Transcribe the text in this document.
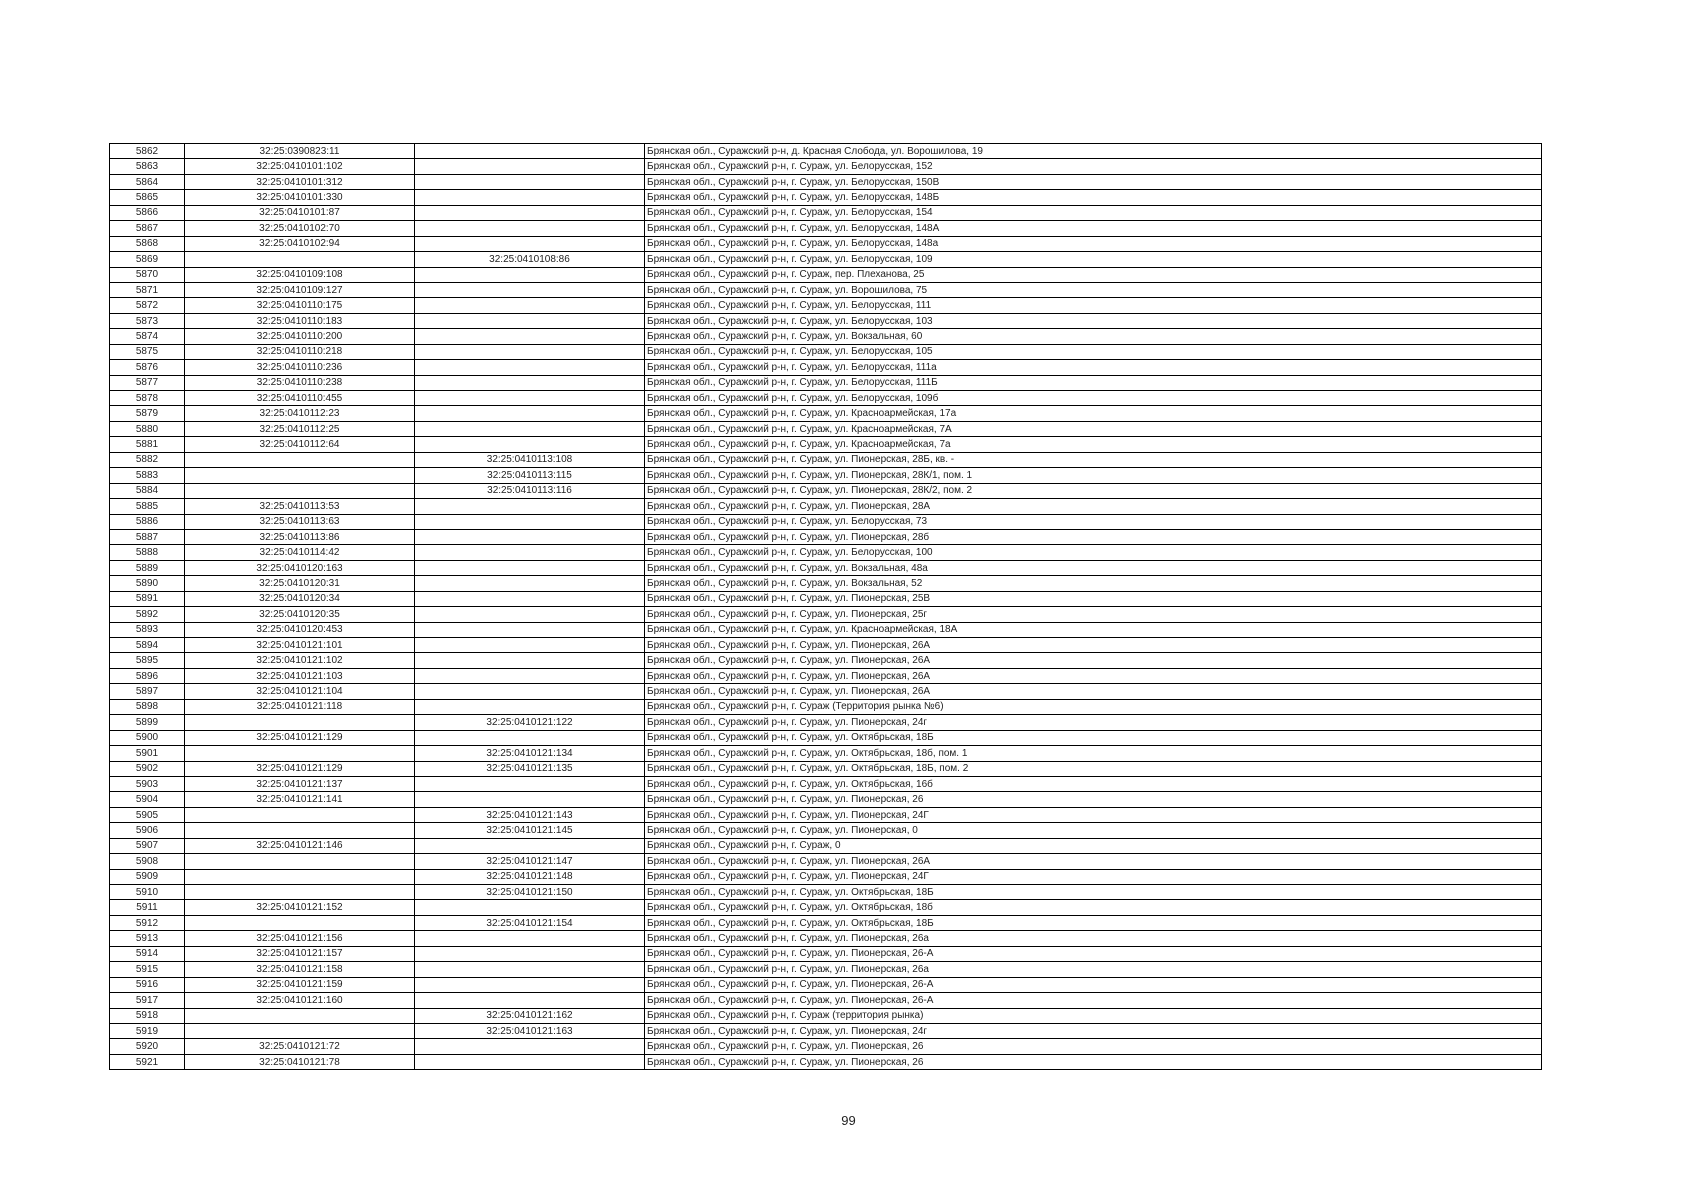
5862	32:25:0390823:11		Брянская обл., Суражский р-н, д. Красная Слобода, ул. Ворошилова, 19
5863	32:25:0410101:102		Брянская обл., Суражский р-н, г. Сураж, ул. Белорусская, 152
5864	32:25:0410101:312		Брянская обл., Суражский р-н, г. Сураж, ул. Белорусская, 150В
5865	32:25:0410101:330		Брянская обл., Суражский р-н, г. Сураж, ул. Белорусская, 148Б
5866	32:25:0410101:87		Брянская обл., Суражский р-н, г. Сураж, ул. Белорусская, 154
5867	32:25:0410102:70		Брянская обл., Суражский р-н, г. Сураж, ул. Белорусская, 148А
5868	32:25:0410102:94		Брянская обл., Суражский р-н, г. Сураж, ул. Белорусская, 148а
5869		32:25:0410108:86	Брянская обл., Суражский р-н, г. Сураж, ул. Белорусская, 109
5870	32:25:0410109:108		Брянская обл., Суражский р-н, г. Сураж, пер. Плеханова, 25
5871	32:25:0410109:127		Брянская обл., Суражский р-н, г. Сураж, ул. Ворошилова, 75
5872	32:25:0410110:175		Брянская обл., Суражский р-н, г. Сураж, ул. Белорусская, 111
5873	32:25:0410110:183		Брянская обл., Суражский р-н, г. Сураж, ул. Белорусская, 103
5874	32:25:0410110:200		Брянская обл., Суражский р-н, г. Сураж, ул. Вокзальная, 60
5875	32:25:0410110:218		Брянская обл., Суражский р-н, г. Сураж, ул. Белорусская, 105
5876	32:25:0410110:236		Брянская обл., Суражский р-н, г. Сураж, ул. Белорусская, 111а
5877	32:25:0410110:238		Брянская обл., Суражский р-н, г. Сураж, ул. Белорусская, 111Б
5878	32:25:0410110:455		Брянская обл., Суражский р-н, г. Сураж, ул. Белорусская, 109б
5879	32:25:0410112:23		Брянская обл., Суражский р-н, г. Сураж, ул. Красноармейская, 17а
5880	32:25:0410112:25		Брянская обл., Суражский р-н, г. Сураж, ул. Красноармейская, 7А
5881	32:25:0410112:64		Брянская обл., Суражский р-н, г. Сураж, ул. Красноармейская, 7а
5882		32:25:0410113:108	Брянская обл., Суражский р-н, г. Сураж, ул. Пионерская, 28Б, кв. -
5883		32:25:0410113:115	Брянская обл., Суражский р-н, г. Сураж, ул. Пионерская, 28К/1, пом. 1
5884		32:25:0410113:116	Брянская обл., Суражский р-н, г. Сураж, ул. Пионерская, 28К/2, пом. 2
5885	32:25:0410113:53		Брянская обл., Суражский р-н, г. Сураж, ул. Пионерская, 28А
5886	32:25:0410113:63		Брянская обл., Суражский р-н, г. Сураж, ул. Белорусская, 73
5887	32:25:0410113:86		Брянская обл., Суражский р-н, г. Сураж, ул. Пионерская, 28б
5888	32:25:0410114:42		Брянская обл., Суражский р-н, г. Сураж, ул. Белорусская, 100
5889	32:25:0410120:163		Брянская обл., Суражский р-н, г. Сураж, ул. Вокзальная, 48а
5890	32:25:0410120:31		Брянская обл., Суражский р-н, г. Сураж, ул. Вокзальная, 52
5891	32:25:0410120:34		Брянская обл., Суражский р-н, г. Сураж, ул. Пионерская, 25В
5892	32:25:0410120:35		Брянская обл., Суражский р-н, г. Сураж, ул. Пионерская, 25г
5893	32:25:0410120:453		Брянская обл., Суражский р-н, г. Сураж, ул. Красноармейская, 18А
5894	32:25:0410121:101		Брянская обл., Суражский р-н, г. Сураж, ул. Пионерская, 26А
5895	32:25:0410121:102		Брянская обл., Суражский р-н, г. Сураж, ул. Пионерская, 26А
5896	32:25:0410121:103		Брянская обл., Суражский р-н, г. Сураж, ул. Пионерская, 26А
5897	32:25:0410121:104		Брянская обл., Суражский р-н, г. Сураж, ул. Пионерская, 26А
5898	32:25:0410121:118		Брянская обл., Суражский р-н, г. Сураж (Территория рынка №6)
5899		32:25:0410121:122	Брянская обл., Суражский р-н, г. Сураж, ул. Пионерская, 24г
5900	32:25:0410121:129		Брянская обл., Суражский р-н, г. Сураж, ул. Октябрьская, 18Б
5901		32:25:0410121:134	Брянская обл., Суражский р-н, г. Сураж, ул. Октябрьская, 18б, пом. 1
5902	32:25:0410121:129	32:25:0410121:135	Брянская обл., Суражский р-н, г. Сураж, ул. Октябрьская, 18Б, пом. 2
5903	32:25:0410121:137		Брянская обл., Суражский р-н, г. Сураж, ул. Октябрьская, 16б
5904	32:25:0410121:141		Брянская обл., Суражский р-н, г. Сураж, ул. Пионерская, 26
5905		32:25:0410121:143	Брянская обл., Суражский р-н, г. Сураж, ул. Пионерская, 24Г
5906		32:25:0410121:145	Брянская обл., Суражский р-н, г. Сураж, ул. Пионерская, 0
5907	32:25:0410121:146		Брянская обл., Суражский р-н, г. Сураж, 0
5908		32:25:0410121:147	Брянская обл., Суражский р-н, г. Сураж, ул. Пионерская, 26А
5909		32:25:0410121:148	Брянская обл., Суражский р-н, г. Сураж, ул. Пионерская, 24Г
5910		32:25:0410121:150	Брянская обл., Суражский р-н, г. Сураж, ул. Октябрьская, 18Б
5911	32:25:0410121:152		Брянская обл., Суражский р-н, г. Сураж, ул. Октябрьская, 18б
5912		32:25:0410121:154	Брянская обл., Суражский р-н, г. Сураж, ул. Октябрьская, 18Б
5913	32:25:0410121:156		Брянская обл., Суражский р-н, г. Сураж, ул. Пионерская, 26а
5914	32:25:0410121:157		Брянская обл., Суражский р-н, г. Сураж, ул. Пионерская, 26-А
5915	32:25:0410121:158		Брянская обл., Суражский р-н, г. Сураж, ул. Пионерская, 26а
5916	32:25:0410121:159		Брянская обл., Суражский р-н, г. Сураж, ул. Пионерская, 26-А
5917	32:25:0410121:160		Брянская обл., Суражский р-н, г. Сураж, ул. Пионерская, 26-А
5918		32:25:0410121:162	Брянская обл., Суражский р-н, г. Сураж (территория рынка)
5919		32:25:0410121:163	Брянская обл., Суражский р-н, г. Сураж, ул. Пионерская, 24г
5920	32:25:0410121:72		Брянская обл., Суражский р-н, г. Сураж, ул. Пионерская, 26
5921	32:25:0410121:78		Брянская обл., Суражский р-н, г. Сураж, ул. Пионерская, 26
99
